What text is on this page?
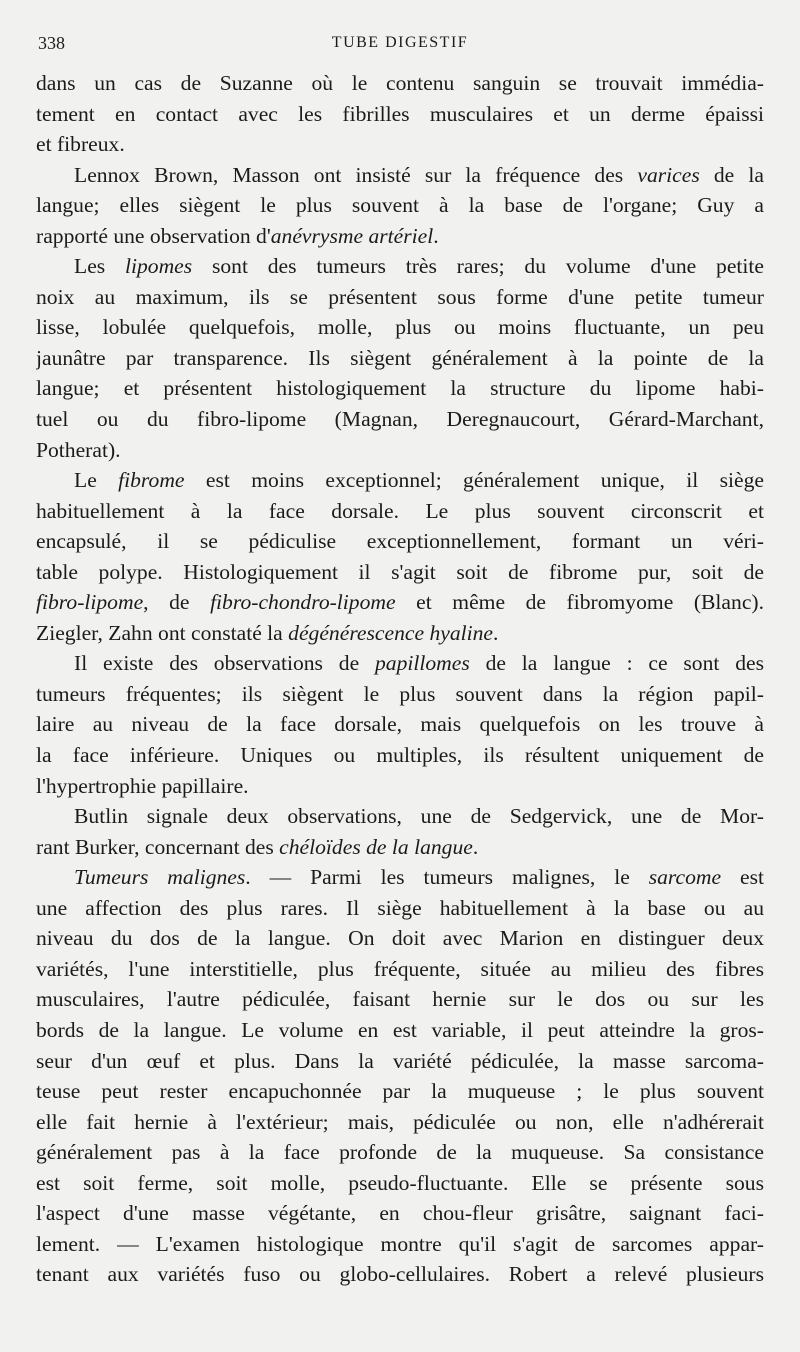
338	TUBE DIGESTIF
dans un cas de Suzanne où le contenu sanguin se trouvait immédia-
tement en contact avec les fibrilles musculaires et un derme épaissi
et fibreux.
Lennox Brown, Masson ont insisté sur la fréquence des varices de la
langue; elles siègent le plus souvent à la base de l'organe; Guy a
rapporté une observation d'anévrysme artériel.
Les lipomes sont des tumeurs très rares; du volume d'une petite
noix au maximum, ils se présentent sous forme d'une petite tumeur
lisse, lobulée quelquefois, molle, plus ou moins fluctuante, un peu
jaunâtre par transparence. Ils siègent généralement à la pointe de la
langue; et présentent histologiquement la structure du lipome habi-
tuel ou du fibro-lipome (Magnan, Deregnaucourt, Gérard-Marchant,
Potherat).
Le fibrome est moins exceptionnel; généralement unique, il siège
habituellement à la face dorsale. Le plus souvent circonscrit et
encapsulé, il se pédiculise exceptionnellement, formant un véri-
table polype. Histologiquement il s'agit soit de fibrome pur, soit de
fibro-lipome, de fibro-chondro-lipome et même de fibromyome (Blanc).
Ziegler, Zahn ont constaté la dégénérescence hyaline.
Il existe des observations de papillomes de la langue : ce sont des
tumeurs fréquentes; ils siègent le plus souvent dans la région papil-
laire au niveau de la face dorsale, mais quelquefois on les trouve à
la face inférieure. Uniques ou multiples, ils résultent uniquement de
l'hypertrophie papillaire.
Butlin signale deux observations, une de Sedgervick, une de Mor-
rant Burker, concernant des chéloïdes de la langue.
Tumeurs malignes. — Parmi les tumeurs malignes, le sarcome est
une affection des plus rares. Il siège habituellement à la base ou au
niveau du dos de la langue. On doit avec Marion en distinguer deux
variétés, l'une interstitielle, plus fréquente, située au milieu des fibres
musculaires, l'autre pédiculée, faisant hernie sur le dos ou sur les
bords de la langue. Le volume en est variable, il peut atteindre la gros-
seur d'un œuf et plus. Dans la variété pédiculée, la masse sarcoma-
teuse peut rester encapuchonnée par la muqueuse ; le plus souvent
elle fait hernie à l'extérieur; mais, pédiculée ou non, elle n'adhérerait
généralement pas à la face profonde de la muqueuse. Sa consistance
est soit ferme, soit molle, pseudo-fluctuante. Elle se présente sous
l'aspect d'une masse végétante, en chou-fleur grisâtre, saignant faci-
lement. — L'examen histologique montre qu'il s'agit de sarcomes appar-
tenant aux variétés fuso ou globo-cellulaires. Robert a relevé plusieurs
